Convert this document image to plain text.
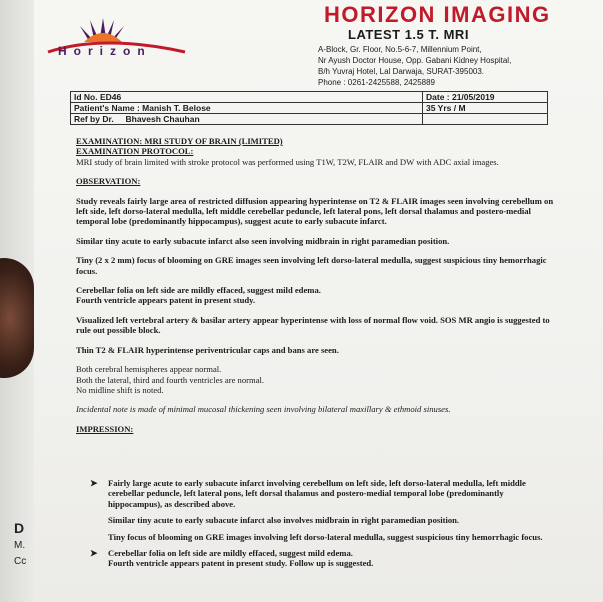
Horizon
HORIZON IMAGING
LATEST 1.5 T. MRI
A-Block, Gr. Floor, No.5-6-7, Millennium Point,
Nr Ayush Doctor House, Opp. Gabani Kidney Hospital,
B/h Yuvraj Hotel, Lal Darwaja, SURAT-395003.
Phone : 0261-2425588, 2425889
Id No. ED46	Date : 21/05/2019
Patient's Name : Manish T. Belose	35 Yrs / M
Ref by Dr. Bhavesh Chauhan	

EXAMINATION: MRI STUDY OF BRAIN (LIMITED)

EXAMINATION PROTOCOL:

MRI study of brain limited with stroke protocol was performed using T1W, T2W, FLAIR and DW with ADC axial images.

OBSERVATION:

Study reveals fairly large area of restricted diffusion appearing hyperintense on T2 & FLAIR images seen involving cerebellum on left side, left dorso-lateral medulla, left middle cerebellar peduncle, left lateral pons, left dorsal thalamus and postero-medial temporal lobe (predominantly hippocampus), suggest acute to early subacute infarct.

Similar tiny acute to early subacute infarct also seen involving midbrain in right paramedian position.

Tiny (2 x 2 mm) focus of blooming on GRE images seen involving left dorso-lateral medulla, suggest suspicious tiny hemorrhagic focus.

Cerebellar folia on left side are mildly effaced, suggest mild edema.

Fourth ventricle appears patent in present study.

Visualized left vertebral artery & basilar artery appear hyperintense with loss of normal flow void. SOS MR angio is suggested to rule out possible block.

Thin T2 & FLAIR hyperintense periventricular caps and bans are seen.

Both cerebral hemispheres appear normal.

Both the lateral, third and fourth ventricles are normal.

No midline shift is noted.

Incidental note is made of minimal mucosal thickening seen involving bilateral maxillary & ethmoid sinuses.

IMPRESSION:

➤ Fairly large acute to early subacute infarct involving cerebellum on left side, left dorso-lateral medulla, left middle cerebellar peduncle, left lateral pons, left dorsal thalamus and postero-medial temporal lobe (predominantly hippocampus), as described above.
Similar tiny acute to early subacute infarct also involves midbrain in right paramedian position.
Tiny focus of blooming on GRE images involving left dorso-lateral medulla, suggest suspicious tiny hemorrhagic focus.
➤ Cerebellar folia on left side are mildly effaced, suggest mild edema.
Fourth ventricle appears patent in present study. Follow up is suggested.
D
M.
Cc
